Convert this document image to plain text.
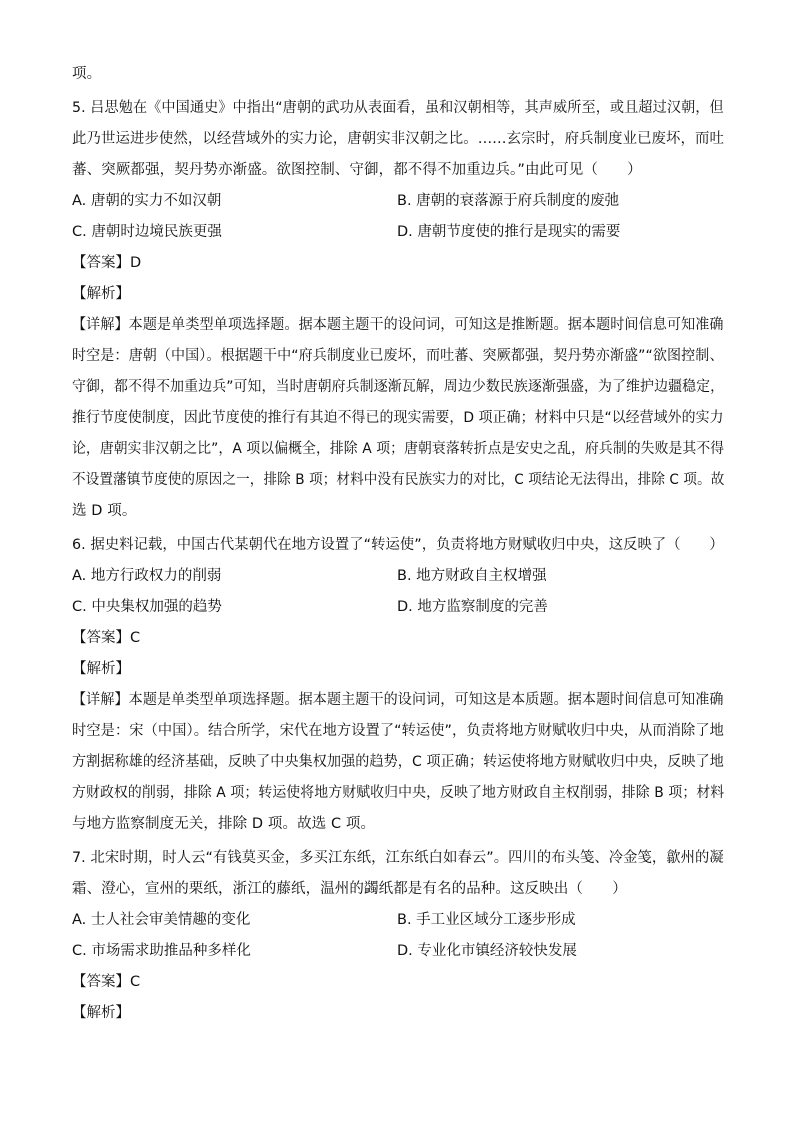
项。
5. 吕思勉在《中国通史》中指出“唐朝的武功从表面看，虽和汉朝相等，其声威所至，或且超过汉朝，但
此乃世运进步使然，以经营域外的实力论，唐朝实非汉朝之比。……玄宗时，府兵制度业已废坏，而吐
蕃、突厥都强，契丹势亦渐盛。欲图控制、守御，都不得不加重边兵。”由此可见（　　）
A. 唐朝的实力不如汉朝	B. 唐朝的衰落源于府兵制度的废弛
C. 唐朝时边境民族更强	D. 唐朝节度使的推行是现实的需要
【答案】D
【解析】
【详解】本题是单类型单项选择题。据本题主题干的设问词，可知这是推断题。据本题时间信息可知准确
时空是：唐朝（中国）。根据题干中“府兵制度业已废坏，而吐蕃、突厥都强，契丹势亦渐盛”“欲图控制、
守御，都不得不加重边兵”可知，当时唐朝府兵制逐渐瓦解，周边少数民族逐渐强盛，为了维护边疆稳定，
推行节度使制度，因此节度使的推行有其迫不得已的现实需要，D 项正确；材料中只是“以经营域外的实力
论，唐朝实非汉朝之比”，A 项以偏概全，排除 A 项；唐朝衰落转折点是安史之乱，府兵制的失败是其不得
不设置藩镇节度使的原因之一，排除 B 项；材料中没有民族实力的对比，C 项结论无法得出，排除 C 项。故
选 D 项。
6. 据史料记载，中国古代某朝代在地方设置了“转运使”，负责将地方财赋收归中央，这反映了（　　）
A. 地方行政权力的削弱	B. 地方财政自主权增强
C. 中央集权加强的趋势	D. 地方监察制度的完善
【答案】C
【解析】
【详解】本题是单类型单项选择题。据本题主题干的设问词，可知这是本质题。据本题时间信息可知准确
时空是：宋（中国）。结合所学，宋代在地方设置了“转运使”，负责将地方财赋收归中央，从而消除了地
方割据称雄的经济基础，反映了中央集权加强的趋势，C 项正确；转运使将地方财赋收归中央，反映了地
方财政权的削弱，排除 A 项；转运使将地方财赋收归中央，反映了地方财政自主权削弱，排除 B 项；材料
与地方监察制度无关，排除 D 项。故选 C 项。
7. 北宋时期，时人云“有钱莫买金，多买江东纸，江东纸白如春云”。四川的布头笺、冷金笺，歙州的凝
霜、澄心，宣州的栗纸，浙江的藤纸，温州的蠲纸都是有名的品种。这反映出（　　）
A. 士人社会审美情趣的变化	B. 手工业区域分工逐步形成
C. 市场需求助推品种多样化	D. 专业化市镇经济较快发展
【答案】C
【解析】
